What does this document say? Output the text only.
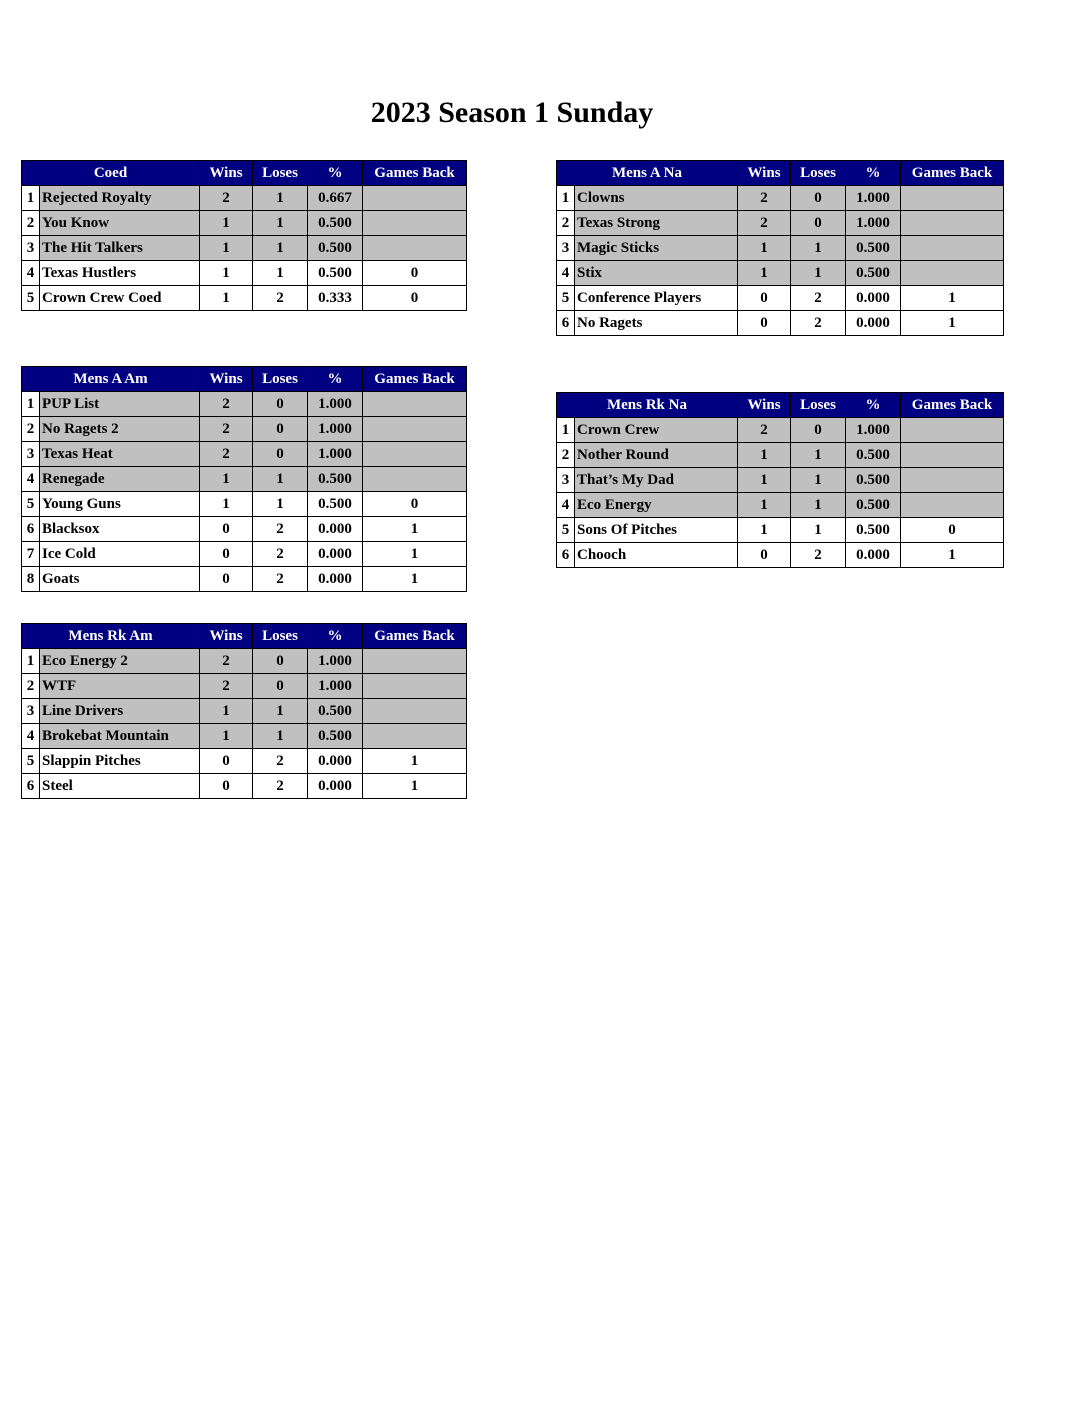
2023 Season 1 Sunday
Coed		Wins	Loses	%	Games Back
1	Rejected Royalty	2	1	0.667	
2	You Know	1	1	0.500	
3	The Hit Talkers	1	1	0.500	
4	Texas Hustlers	1	1	0.500	0
5	Crown Crew Coed	1	2	0.333	0
Mens A Na		Wins	Loses	%	Games Back
1	Clowns	2	0	1.000	
2	Texas Strong	2	0	1.000	
3	Magic Sticks	1	1	0.500	
4	Stix	1	1	0.500	
5	Conference Players	0	2	0.000	1
6	No Ragets	0	2	0.000	1
Mens A Am		Wins	Loses	%	Games Back
1	PUP List	2	0	1.000	
2	No Ragets 2	2	0	1.000	
3	Texas Heat	2	0	1.000	
4	Renegade	1	1	0.500	
5	Young Guns	1	1	0.500	0
6	Blacksox	0	2	0.000	1
7	Ice Cold	0	2	0.000	1
8	Goats	0	2	0.000	1
Mens Rk Na		Wins	Loses	%	Games Back
1	Crown Crew	2	0	1.000	
2	Nother Round	1	1	0.500	
3	That’s My Dad	1	1	0.500	
4	Eco Energy	1	1	0.500	
5	Sons Of Pitches	1	1	0.500	0
6	Chooch	0	2	0.000	1
Mens Rk Am		Wins	Loses	%	Games Back
1	Eco Energy 2	2	0	1.000	
2	WTF	2	0	1.000	
3	Line Drivers	1	1	0.500	
4	Brokebat Mountain	1	1	0.500	
5	Slappin Pitches	0	2	0.000	1
6	Steel	0	2	0.000	1
